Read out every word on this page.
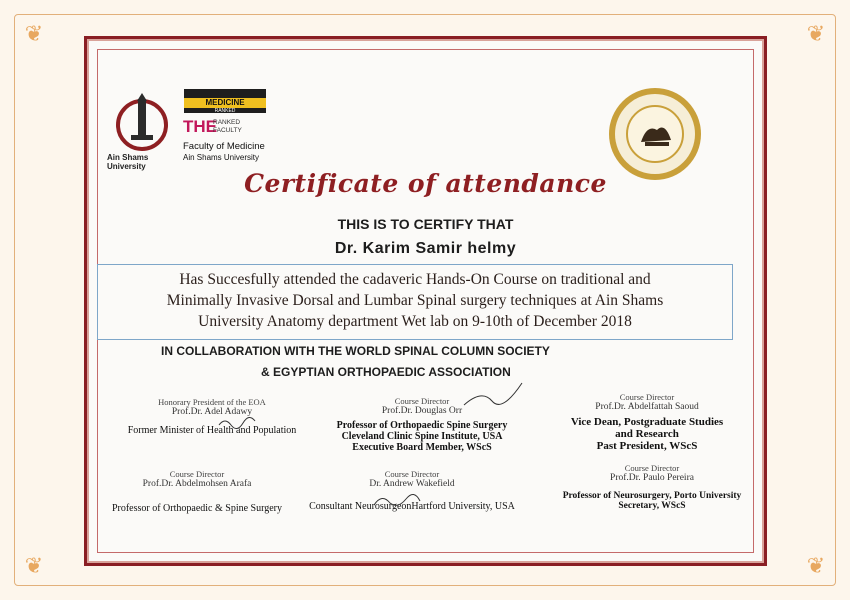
❦	❦
❦	❦
Ain Shams University
MEDICINE
RANKED
THE
RANKED FACULTY
Faculty of Medicine
Ain Shams University
Certificate of attendance
THIS IS TO CERTIFY THAT
Dr. Karim Samir helmy
Has Succesfully attended the cadaveric Hands-On Course on traditional and
Minimally Invasive Dorsal and Lumbar Spinal surgery techniques at Ain Shams
University Anatomy department Wet lab on 9-10th of December 2018
IN COLLABORATION WITH THE WORLD SPINAL COLUMN SOCIETY
& EGYPTIAN ORTHOPAEDIC ASSOCIATION
Honorary President of the EOA
Prof.Dr. Adel Adawy
Former Minister of Health and Population
Course Director
Prof.Dr. Douglas Orr
Professor of Orthopaedic Spine Surgery
Cleveland Clinic Spine Institute, USA
Executive Board Member, WScS
Course Director
Prof.Dr. Abdelfattah Saoud
Vice Dean, Postgraduate Studies
and Research
Past President, WScS
Course Director
Prof.Dr. Abdelmohsen Arafa
Professor of Orthopaedic & Spine Surgery
Course Director
Dr. Andrew Wakefield
Consultant NeurosurgeonHartford University, USA
Course Director
Prof.Dr. Paulo Pereira
Professor of Neurosurgery, Porto University
Secretary, WScS
